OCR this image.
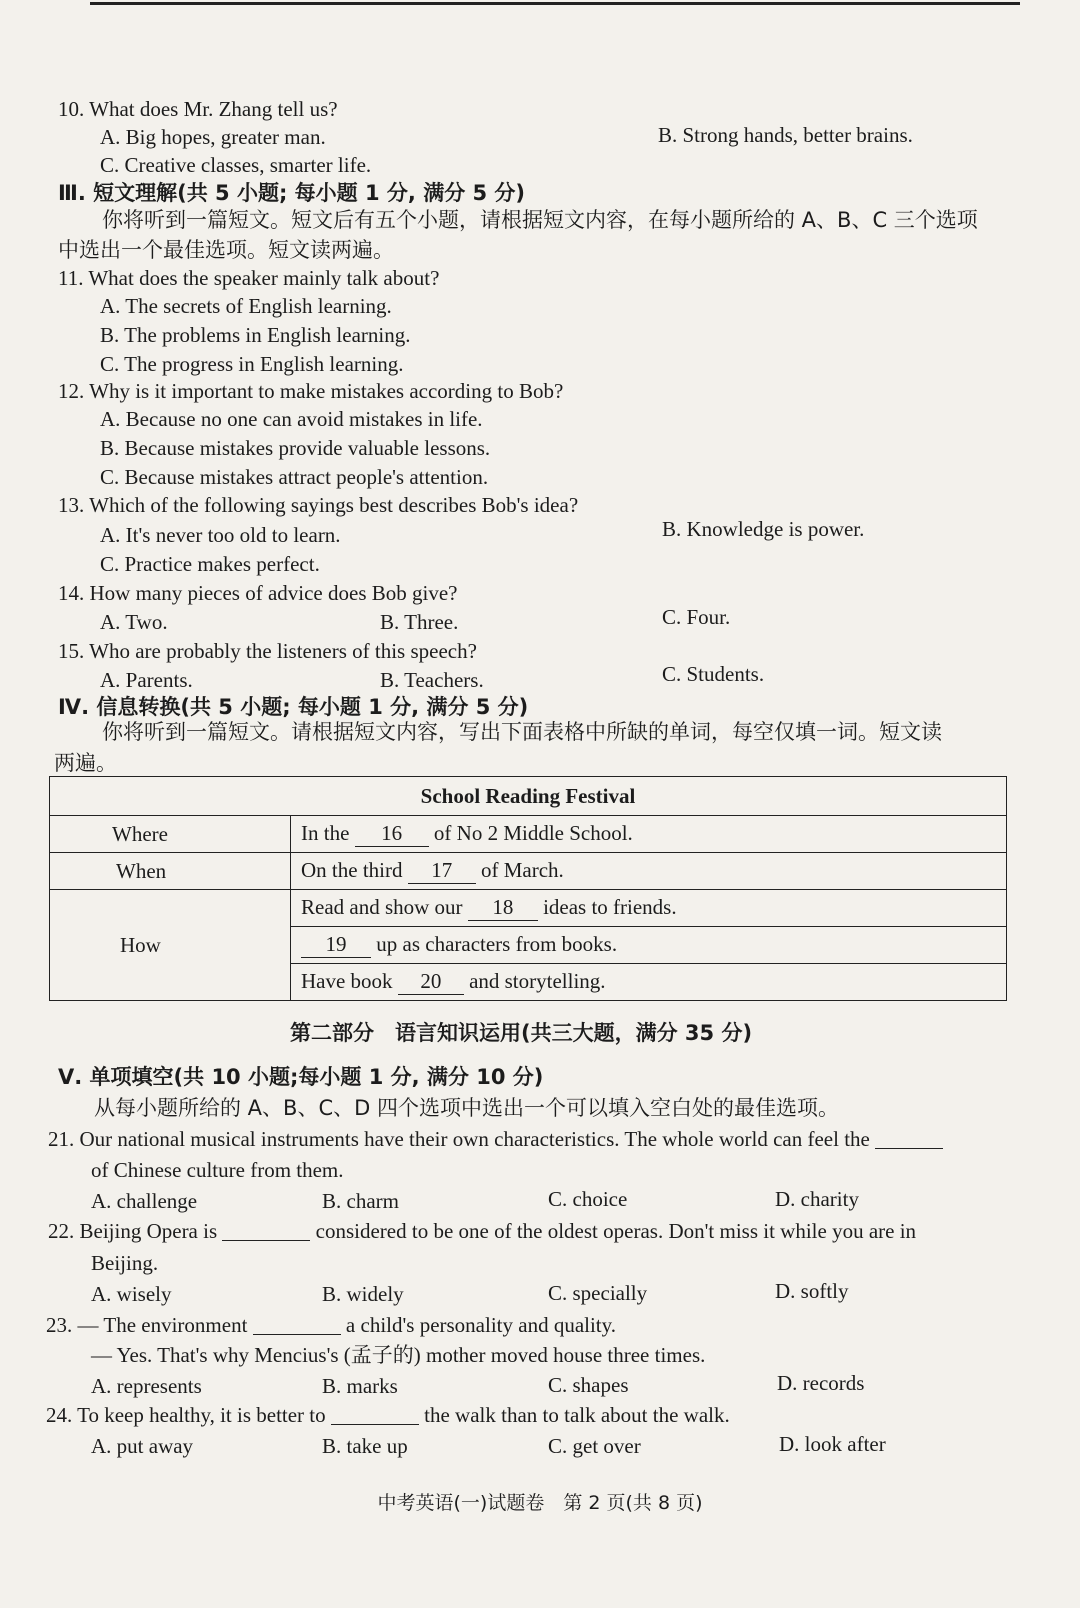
10. What does Mr. Zhang tell us?
A. Big hopes, greater man.	B. Strong hands, better brains.
C. Creative classes, smarter life.
Ⅲ. 短文理解(共 5 小题; 每小题 1 分, 满分 5 分)
你将听到一篇短文。短文后有五个小题，请根据短文内容，在每小题所给的 A、B、C 三个选项
中选出一个最佳选项。短文读两遍。
11. What does the speaker mainly talk about?
A. The secrets of English learning.
B. The problems in English learning.
C. The progress in English learning.
12. Why is it important to make mistakes according to Bob?
A. Because no one can avoid mistakes in life.
B. Because mistakes provide valuable lessons.
C. Because mistakes attract people's attention.
13. Which of the following sayings best describes Bob's idea?
A. It's never too old to learn.	B. Knowledge is power.
C. Practice makes perfect.
14. How many pieces of advice does Bob give?
A. Two.	B. Three.	C. Four.
15. Who are probably the listeners of this speech?
A. Parents.	B. Teachers.	C. Students.
Ⅳ. 信息转换(共 5 小题; 每小题 1 分, 满分 5 分)
你将听到一篇短文。请根据短文内容，写出下面表格中所缺的单词，每空仅填一词。短文读
两遍。
School Reading Festival	
Where	In the 16 of No 2 Middle School.
When	On the third 17 of March.
How	Read and show our 18 ideas to friends.
	19 up as characters from books.
	Have book 20 and storytelling.
第二部分　语言知识运用(共三大题，满分 35 分)
Ⅴ. 单项填空(共 10 小题;每小题 1 分, 满分 10 分)
从每小题所给的 A、B、C、D 四个选项中选出一个可以填入空白处的最佳选项。
21. Our national musical instruments have their own characteristics. The whole world can feel the
of Chinese culture from them.
A. challenge	B. charm	C. choice	D. charity
22. Beijing Opera is	considered to be one of the oldest operas. Don't miss it while you are in
Beijing.
A. wisely	B. widely	C. specially	D. softly
23. — The environment	a child's personality and quality.
— Yes. That's why Mencius's (孟子的) mother moved house three times.
A. represents	B. marks	C. shapes	D. records
24. To keep healthy, it is better to	the walk than to talk about the walk.
A. put away	B. take up	C. get over	D. look after
中考英语(一)试题卷　第 2 页(共 8 页)
